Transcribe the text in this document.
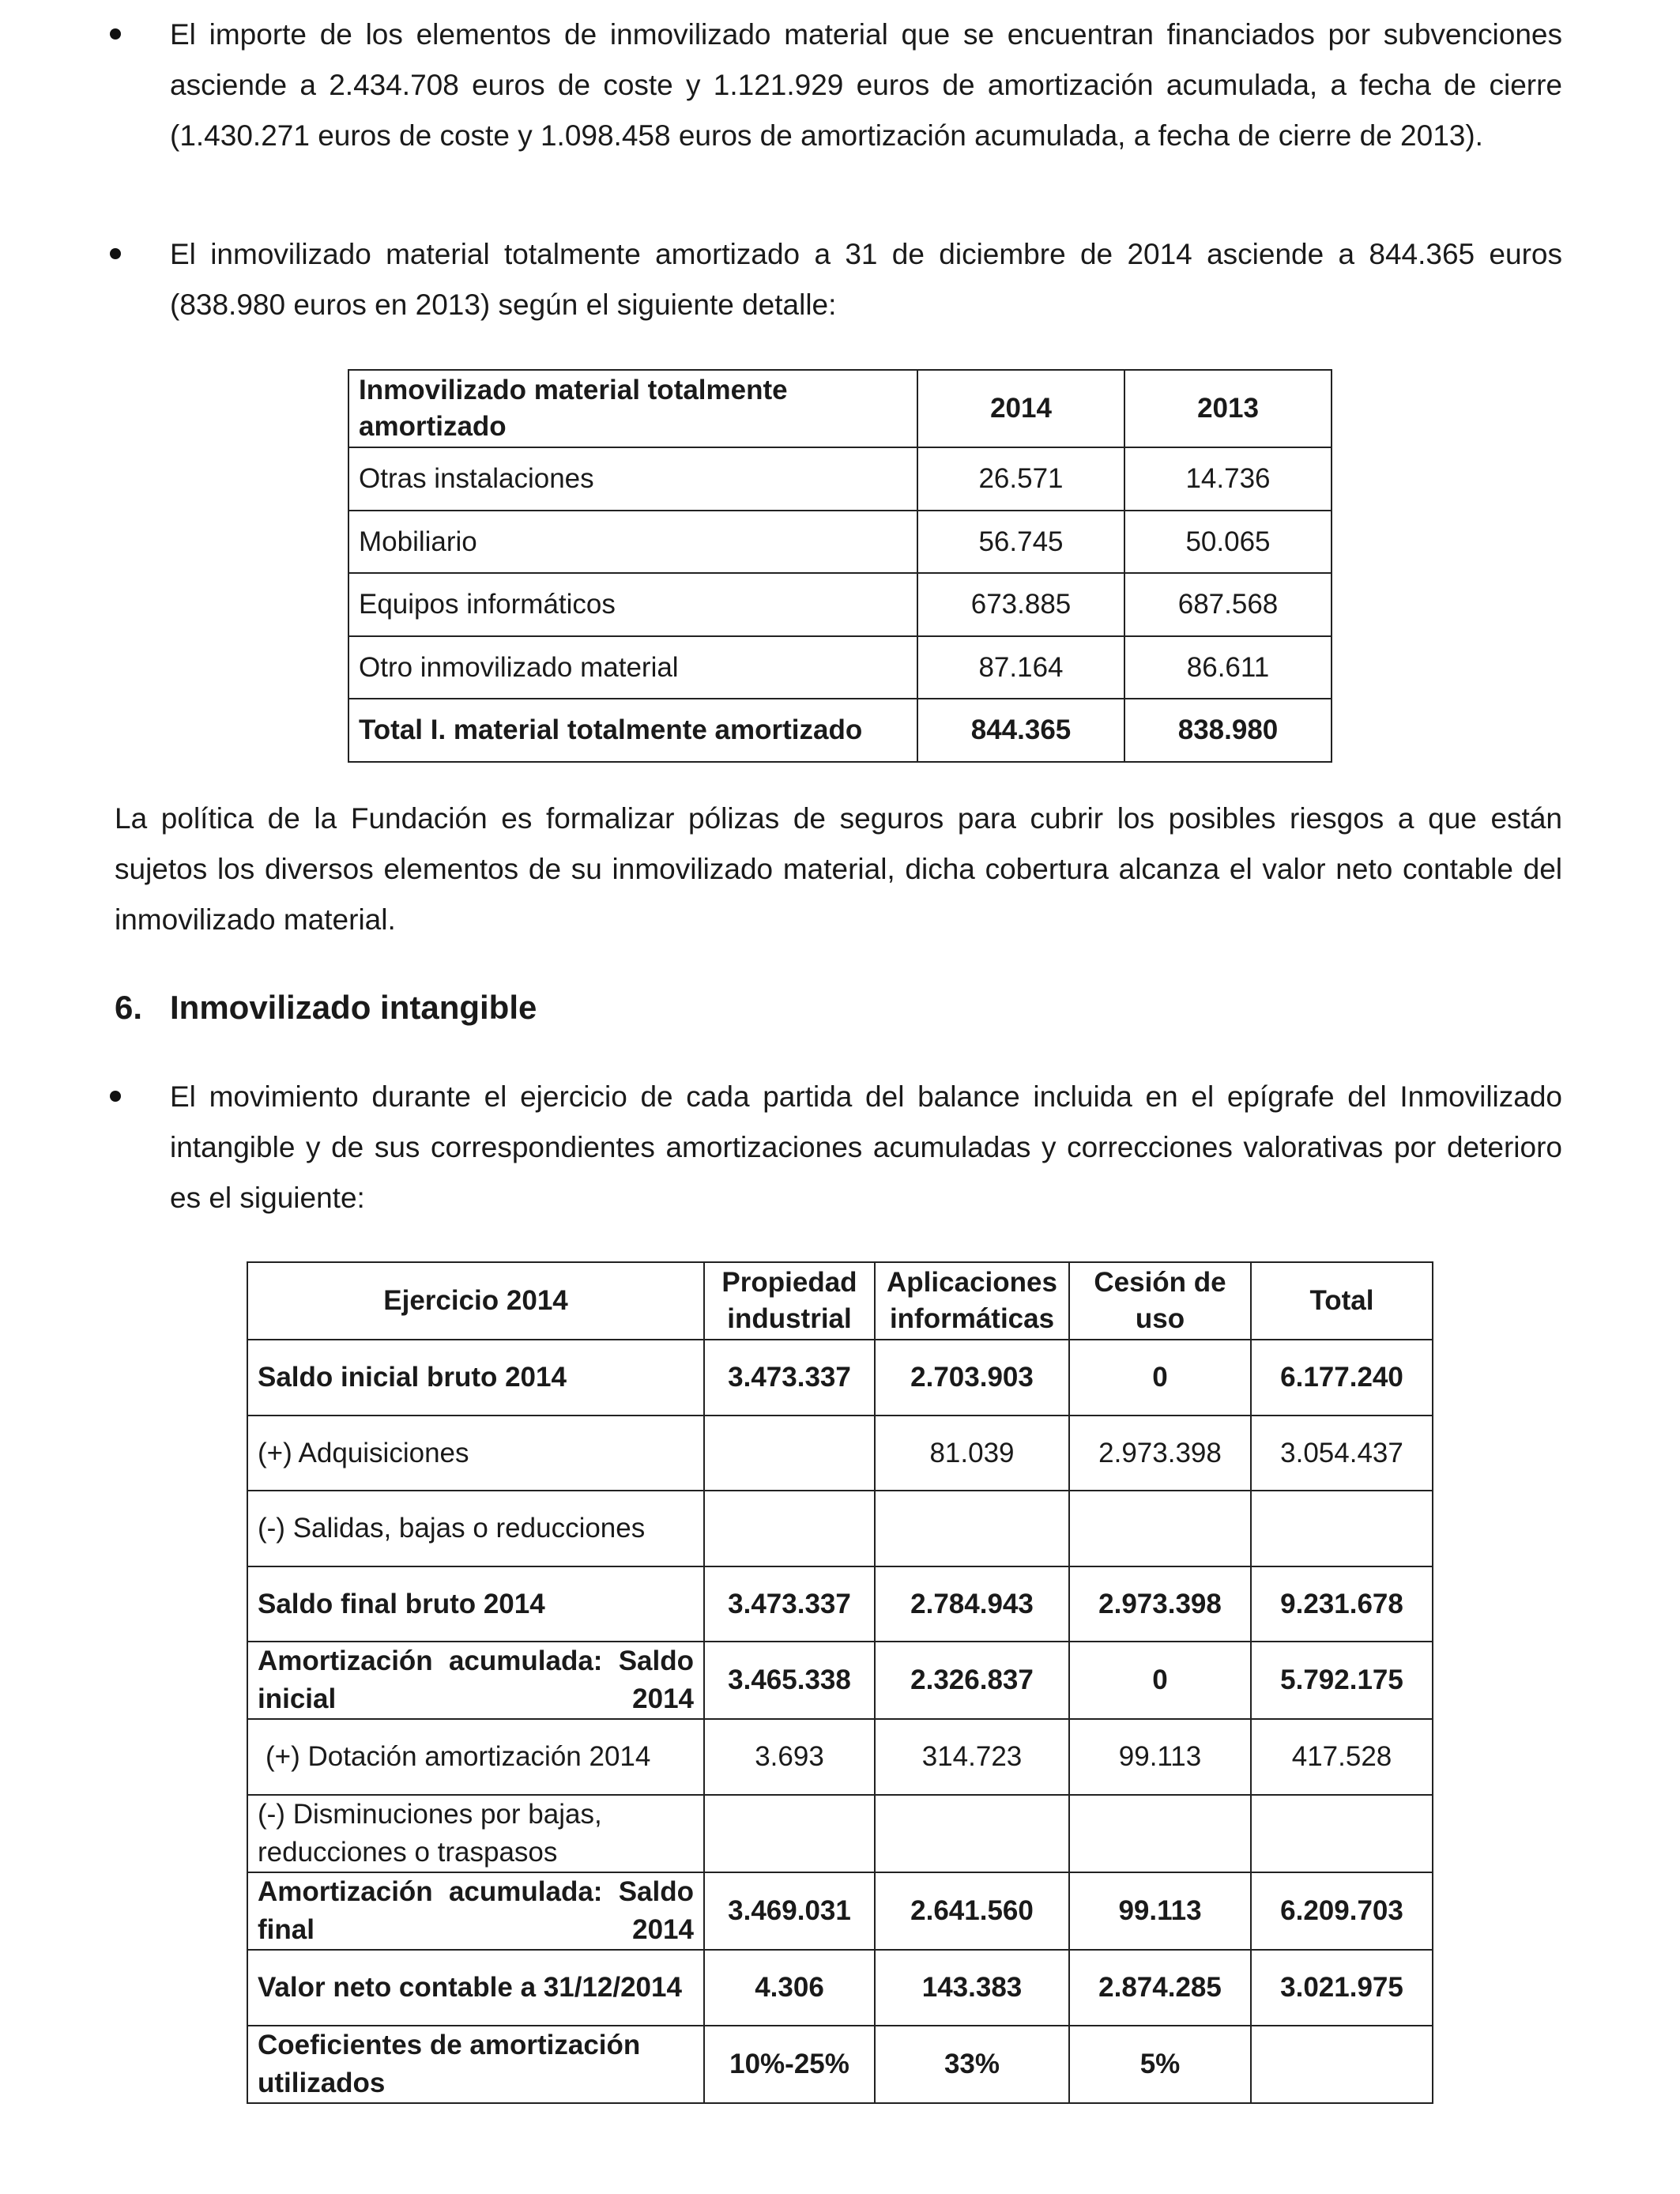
El importe de los elementos de inmovilizado material que se encuentran financiados por subvenciones asciende a 2.434.708 euros de coste y 1.121.929 euros de amortización acumulada, a fecha de cierre (1.430.271 euros de coste y 1.098.458 euros de amortización acumulada, a fecha de cierre de 2013).
El inmovilizado material totalmente amortizado a 31 de diciembre de 2014 asciende a 844.365 euros (838.980 euros en 2013) según el siguiente detalle:
Inmovilizado material totalmente amortizado	2014	2013
Otras instalaciones	26.571	14.736
Mobiliario	56.745	50.065
Equipos informáticos	673.885	687.568
Otro inmovilizado material	87.164	86.611
Total I. material totalmente amortizado	844.365	838.980
La política de la Fundación es formalizar pólizas de seguros para cubrir los posibles riesgos a que están sujetos los diversos elementos de su inmovilizado material, dicha cobertura alcanza el valor neto contable del inmovilizado material.
6. Inmovilizado intangible
El movimiento durante el ejercicio de cada partida del balance incluida en el epígrafe del Inmovilizado intangible y de sus correspondientes amortizaciones acumuladas y correcciones valorativas por deterioro es el siguiente:
Ejercicio 2014	Propiedad industrial	Aplicaciones informáticas	Cesión de uso	Total
Saldo inicial bruto 2014	3.473.337	2.703.903	0	6.177.240
(+) Adquisiciones		81.039	2.973.398	3.054.437
(-) Salidas, bajas o reducciones				
Saldo final bruto 2014	3.473.337	2.784.943	2.973.398	9.231.678
Amortización acumulada: Saldo inicial 2014	3.465.338	2.326.837	0	5.792.175
(+) Dotación amortización 2014	3.693	314.723	99.113	417.528
(-) Disminuciones por bajas, reducciones o traspasos				
Amortización acumulada: Saldo final 2014	3.469.031	2.641.560	99.113	6.209.703
Valor neto contable a 31/12/2014	4.306	143.383	2.874.285	3.021.975
Coeficientes de amortización utilizados	10%-25%	33%	5%	
